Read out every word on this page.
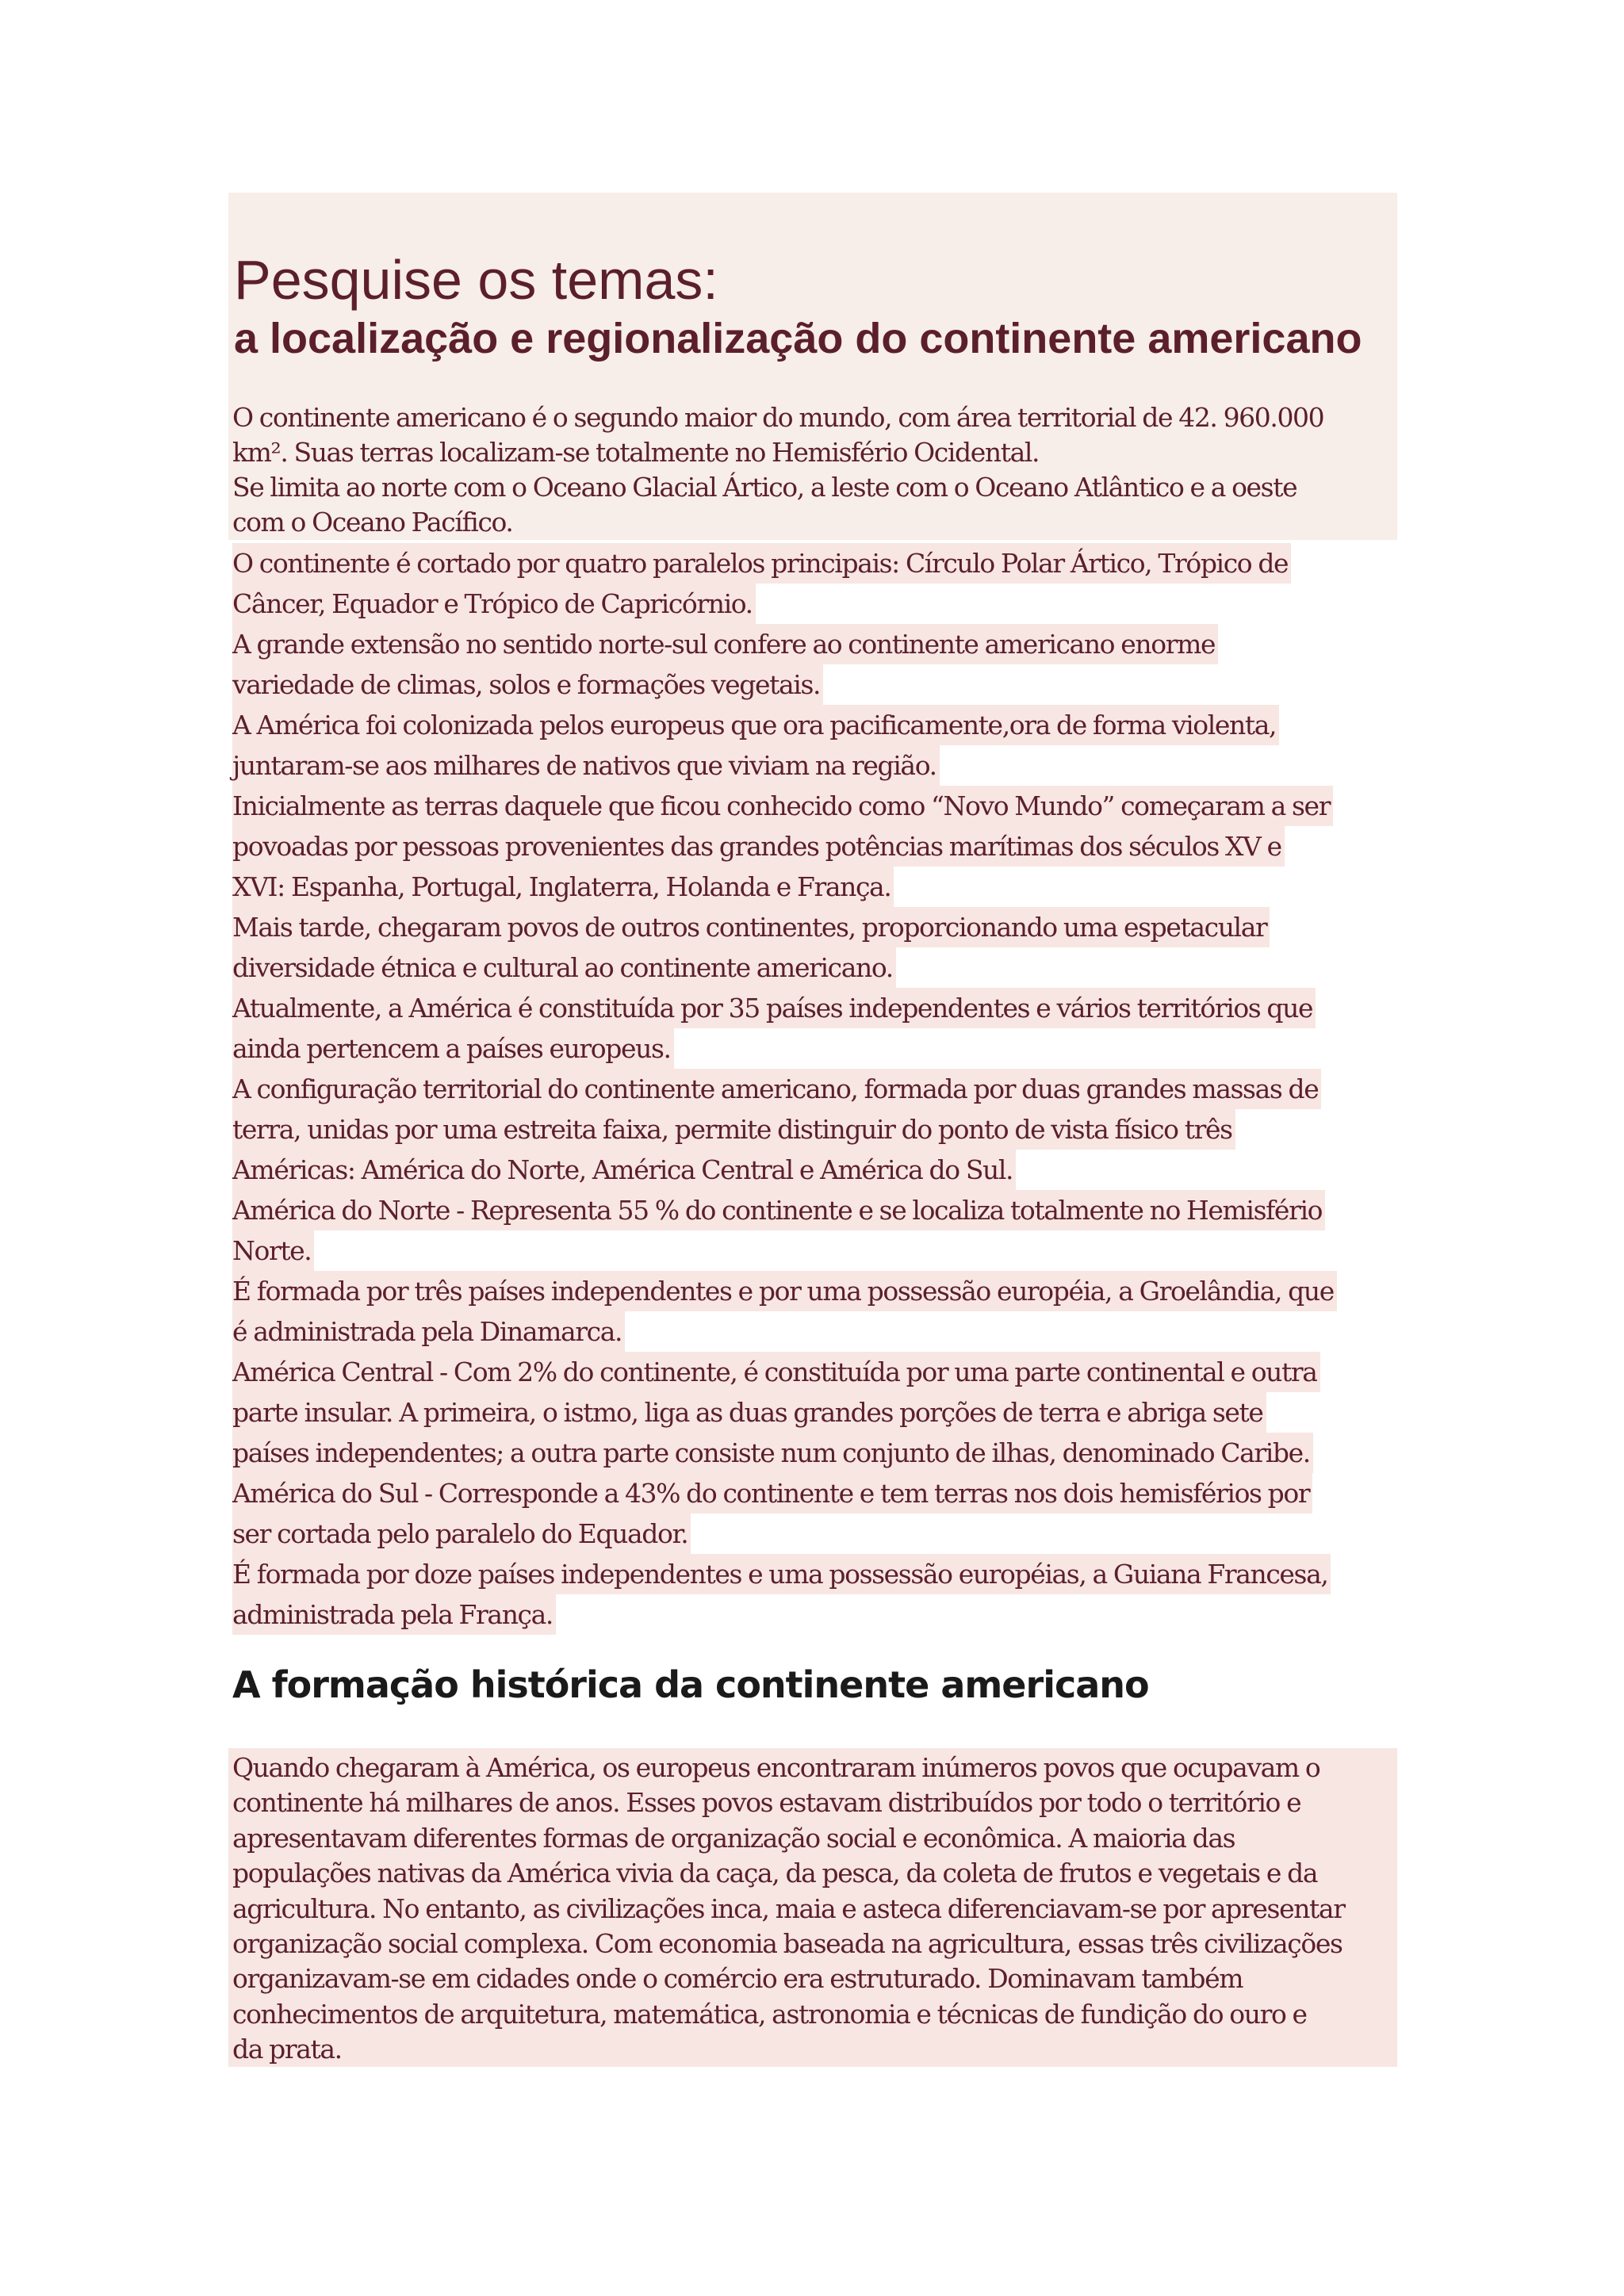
Pesquise os temas:
a localização e regionalização do continente americano
O continente americano é o segundo maior do mundo, com área territorial de 42. 960.000
km². Suas terras localizam-se totalmente no Hemisfério Ocidental.
Se limita ao norte com o Oceano Glacial Ártico, a leste com o Oceano Atlântico e a oeste
com o Oceano Pacífico.
O continente é cortado por quatro paralelos principais: Círculo Polar Ártico, Trópico de
Câncer, Equador e Trópico de Capricórnio.
A grande extensão no sentido norte-sul confere ao continente americano enorme
variedade de climas, solos e formações vegetais.
A América foi colonizada pelos europeus que ora pacificamente,ora de forma violenta,
juntaram-se aos milhares de nativos que viviam na região.
Inicialmente as terras daquele que ficou conhecido como “Novo Mundo” começaram a ser
povoadas por pessoas provenientes das grandes potências marítimas dos séculos XV e
XVI: Espanha, Portugal, Inglaterra, Holanda e França.
Mais tarde, chegaram povos de outros continentes, proporcionando uma espetacular
diversidade étnica e cultural ao continente americano.
Atualmente, a América é constituída por 35 países independentes e vários territórios que
ainda pertencem a países europeus.
A configuração territorial do continente americano, formada por duas grandes massas de
terra, unidas por uma estreita faixa, permite distinguir do ponto de vista físico três
Américas: América do Norte, América Central e América do Sul.
América do Norte - Representa 55 % do continente e se localiza totalmente no Hemisfério
Norte.
É formada por três países independentes e por uma possessão européia, a Groelândia, que
é administrada pela Dinamarca.
América Central - Com 2% do continente, é constituída por uma parte continental e outra
parte insular. A primeira, o istmo, liga as duas grandes porções de terra e abriga sete
países independentes; a outra parte consiste num conjunto de ilhas, denominado Caribe.
América do Sul - Corresponde a 43% do continente e tem terras nos dois hemisférios por
ser cortada pelo paralelo do Equador.
É formada por doze países independentes e uma possessão européias, a Guiana Francesa,
administrada pela França.
A formação histórica da continente americano
Quando chegaram à América, os europeus encontraram inúmeros povos que ocupavam o
continente há milhares de anos. Esses povos estavam distribuídos por todo o território e
apresentavam diferentes formas de organização social e econômica. A maioria das
populações nativas da América vivia da caça, da pesca, da coleta de frutos e vegetais e da
agricultura. No entanto, as civilizações inca, maia e asteca diferenciavam-se por apresentar
organização social complexa. Com economia baseada na agricultura, essas três civilizações
organizavam-se em cidades onde o comércio era estruturado. Dominavam também
conhecimentos de arquitetura, matemática, astronomia e técnicas de fundição do ouro e
da prata.
